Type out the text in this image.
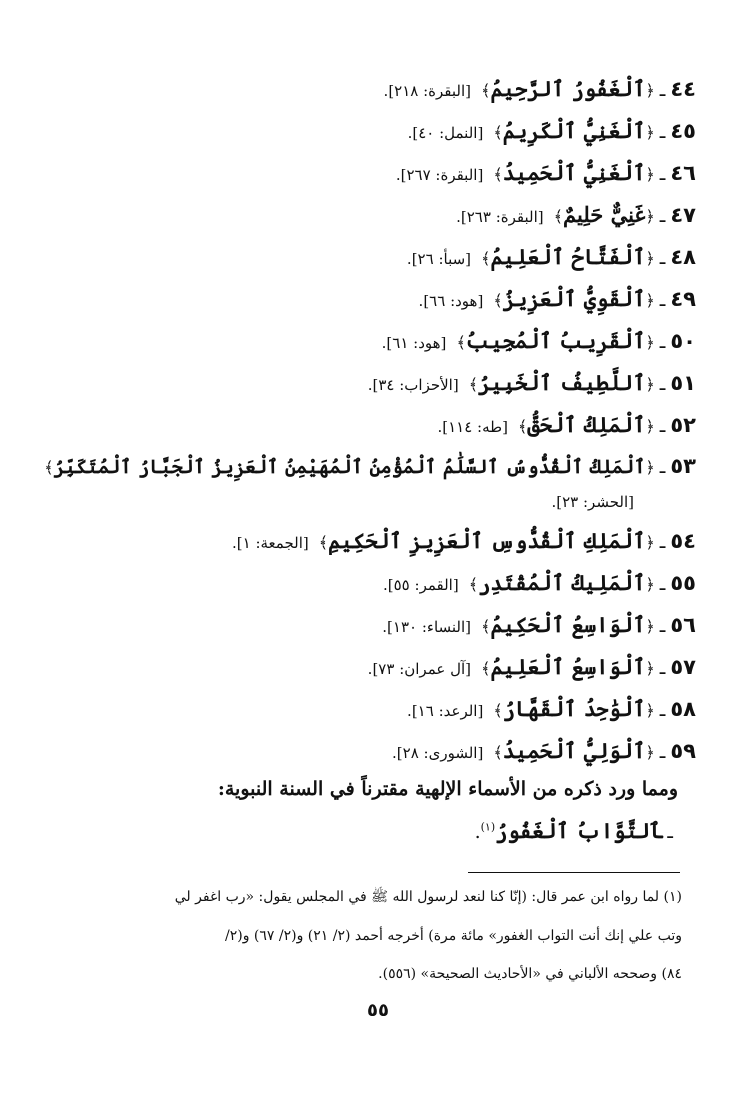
٤٤ـ﴿ٱلْغَفُورُ ٱلرَّحِيمُ﴾ [البقرة: ٢١٨].
٤٥ـ﴿ٱلْغَنِيُّ ٱلْكَرِيمُ﴾ [النمل: ٤٠].
٤٦ـ﴿ٱلْغَنِيُّ ٱلْحَمِيدُ﴾ [البقرة: ٢٦٧].
٤٧ـ﴿غَنِيٌّ حَلِيمٌ﴾ [البقرة: ٢٦٣].
٤٨ـ﴿ٱلْفَتَّاحُ ٱلْعَلِيمُ﴾ [سبأ: ٢٦].
٤٩ـ﴿ٱلْقَوِيُّ ٱلْعَزِيزُ﴾ [هود: ٦٦].
٥٠ـ﴿ٱلْقَرِيبُ ٱلْمُجِيبُ﴾ [هود: ٦١].
٥١ـ﴿ٱللَّطِيفُ ٱلْخَبِيرُ﴾ [الأحزاب: ٣٤].
٥٢ـ﴿ٱلْمَلِكُ ٱلْحَقُّ﴾ [طه: ١١٤].
٥٣ـ﴿ٱلْمَلِكُ ٱلْقُدُّوسُ ٱلسَّلَٰمُ ٱلْمُؤْمِنُ ٱلْمُهَيْمِنُ ٱلْعَزِيزُ ٱلْجَبَّارُ ٱلْمُتَكَبِّرُ﴾
[الحشر: ٢٣].
٥٤ـ﴿ٱلْمَلِكِ ٱلْقُدُّوسِ ٱلْعَزِيزِ ٱلْحَكِيمِ﴾ [الجمعة: ١].
٥٥ـ﴿ٱلْمَلِيكُ ٱلْمُقْتَدِر﴾ [القمر: ٥٥].
٥٦ـ﴿ٱلْوَاسِعُ ٱلْحَكِيمُ﴾ [النساء: ١٣٠].
٥٧ـ﴿ٱلْوَاسِعُ ٱلْعَلِيمُ﴾ [آل عمران: ٧٣].
٥٨ـ﴿ٱلْوَٰحِدُ ٱلْقَهَّارُ﴾ [الرعد: ١٦].
٥٩ـ﴿ٱلْوَلِيُّ ٱلْحَمِيدُ﴾ [الشورى: ٢٨].
ومما ورد ذكره من الأسماء الإلهية مقترناً في السنة النبوية:
ـٱلتَّوَّابُ ٱلْغَفُورُ$^{(١)}$.
(١) لما رواه ابن عمر قال: (إنّا كنا لنعد لرسول الله ﷺ في المجلس يقول: «رب اغفر لي
وتب علي إنك أنت التواب الغفور» مائة مرة) أخرجه أحمد (٢/ ٢١) و(٢/ ٦٧) و(٢/
٨٤) وصححه الألباني في «الأحاديث الصحيحة» (٥٥٦).
٥٥
